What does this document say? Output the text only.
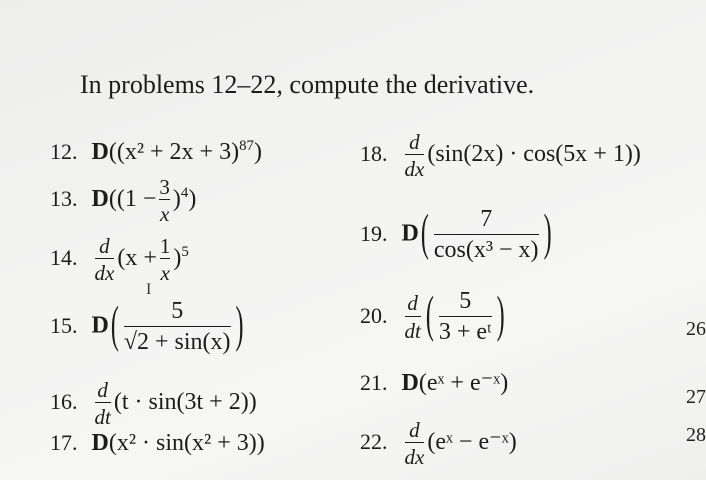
In problems 12–22, compute the derivative.
12. $D((x^2 + 2x + 3)^{87})$
13. $D((1 - \frac{3}{x} )^4)$
14. $\frac{d}{dx} (x + \frac{1}{x} )^5$
I
15. $D( \frac{5}{√2 + \sin(x)}$ )
16. $\frac{d}{dt} (t \cdot \sin(3t + 2))$
17. D(x² · sin(x² + 3))
18. $\frac{d}{dx} (\sin(2x) \cdot \cos(5x + 1))$
19. $D( \frac{7}{\text{cos(x³ − x)}}$ )
20. $\frac{d}{dt}$ ( $\frac{5}{\text{3 + eᵗ}}$ )
21. D(eˣ + e⁻ˣ)
22. $\frac{d}{dx}$ (eˣ − e⁻ˣ)
26
27
28
